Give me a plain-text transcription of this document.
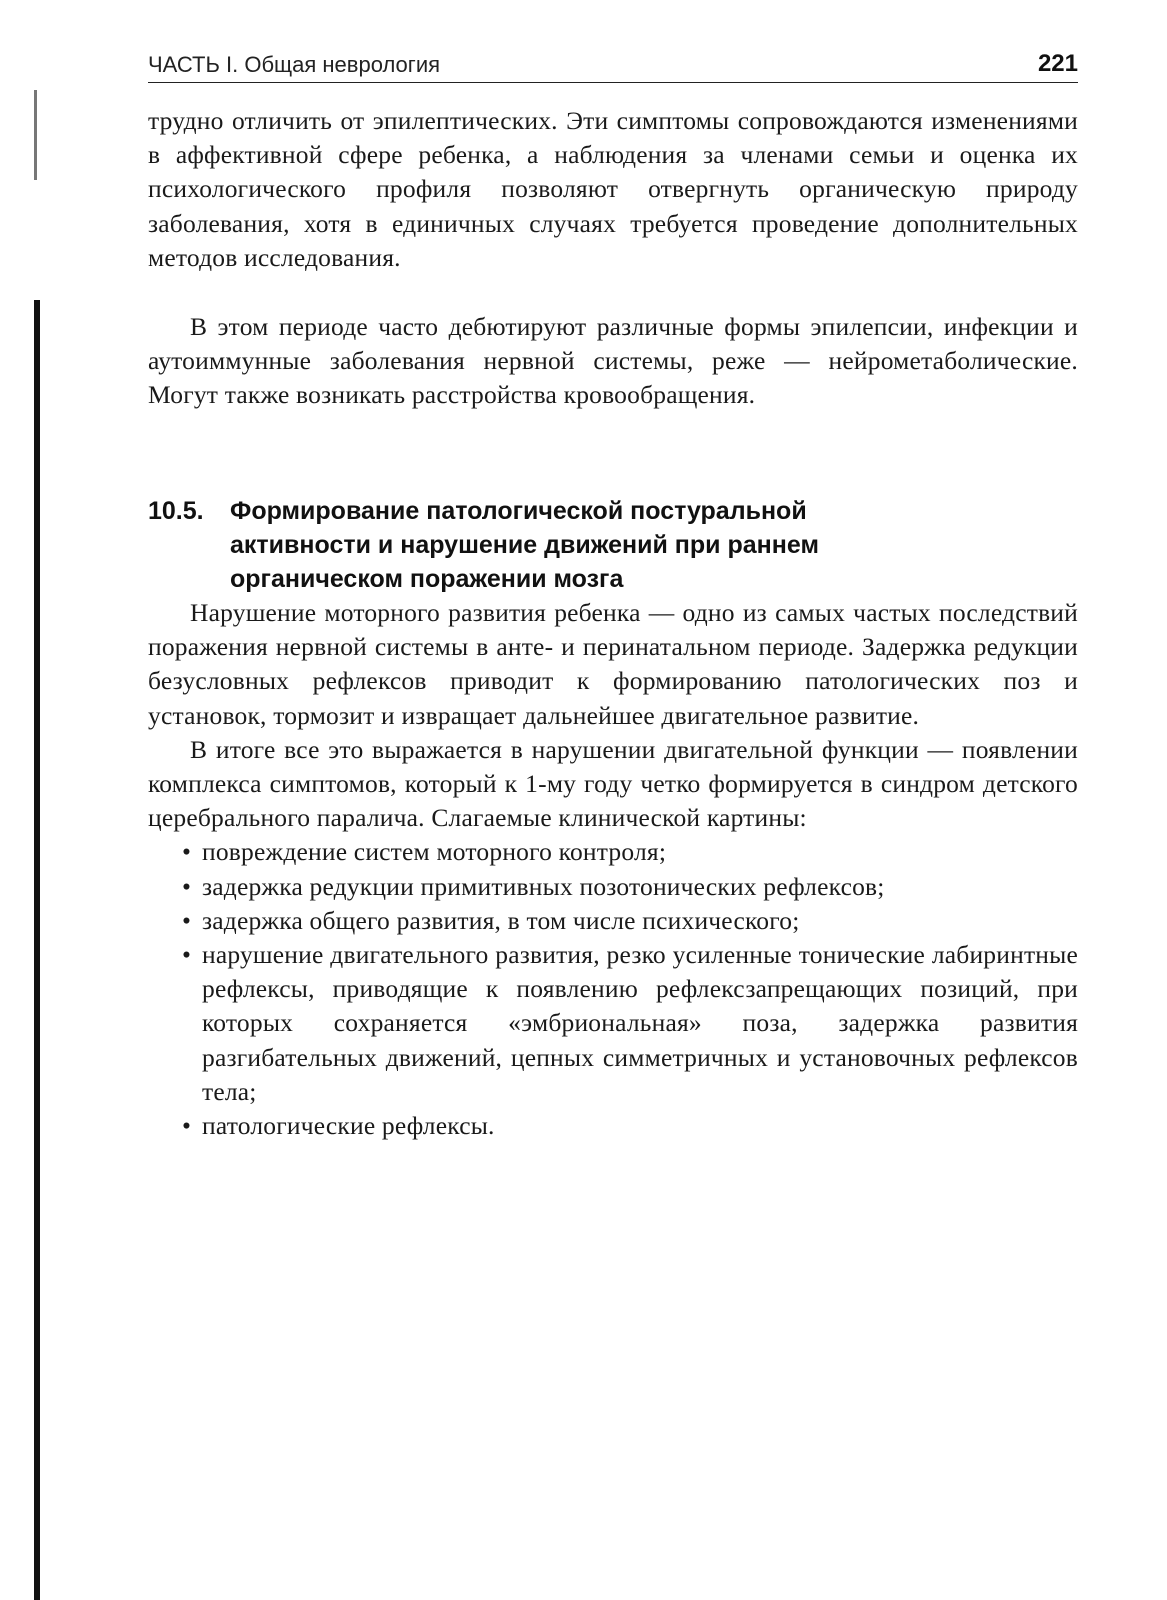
ЧАСТЬ I. Общая неврология	221

трудно отличить от эпилептических. Эти симптомы сопровождаются изменениями в аффективной сфере ребенка, а наблюдения за членами семьи и оценка их психологического профиля позволяют отвергнуть органическую природу заболевания, хотя в единичных случаях требуется проведение дополнительных методов исследования.

В этом периоде часто дебютируют различные формы эпилепсии, инфекции и аутоиммунные заболевания нервной системы, реже — нейрометаболические. Могут также возникать расстройства кровообращения.

10.5. Формирование патологической постуральной активности и нарушение движений при раннем органическом поражении мозга

Нарушение моторного развития ребенка — одно из самых частых последствий поражения нервной системы в анте- и перинатальном периоде. Задержка редукции безусловных рефлексов приводит к формированию патологических поз и установок, тормозит и извращает дальнейшее двигательное развитие.

В итоге все это выражается в нарушении двигательной функции — появлении комплекса симптомов, который к 1-му году четко формируется в синдром детского церебрального паралича. Слагаемые клинической картины:

• повреждение систем моторного контроля;
• задержка редукции примитивных позотонических рефлексов;
• задержка общего развития, в том числе психического;
• нарушение двигательного развития, резко усиленные тонические лабиринтные рефлексы, приводящие к появлению рефлексзапрещающих позиций, при которых сохраняется «эмбриональная» поза, задержка развития разгибательных движений, цепных симметричных и установочных рефлексов тела;
• патологические рефлексы.
